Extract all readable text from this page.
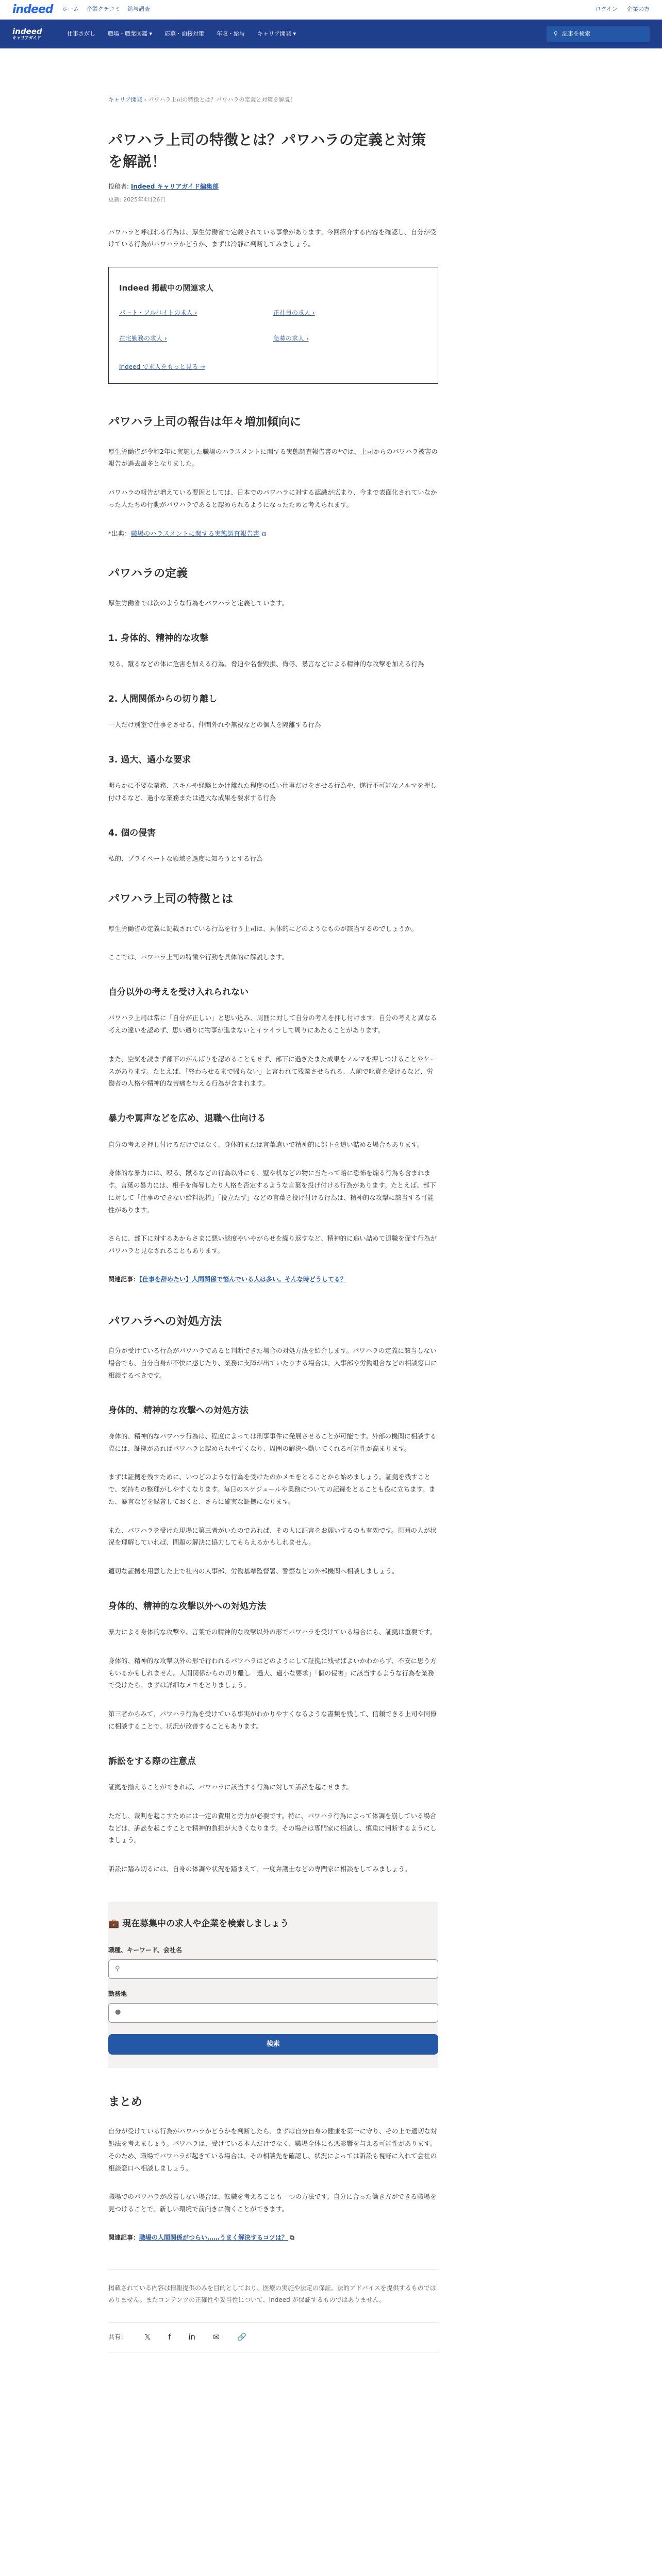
indeed ホーム 企業クチコミ 給与調査	ログイン 企業の方
indeed
キャリアガイド
仕事さがし 職場・職業図鑑 ▾ 応募・面接対策 年収・給与 キャリア開発 ▾	⚲ 記事を検索
キャリア開発 › パワハラ上司の特徴とは？パワハラの定義と対策を解説！
パワハラ上司の特徴とは？パワハラの定義と対策を解説！
投稿者: Indeed キャリアガイド編集部
更新: 2025年4月26日

パワハラと呼ばれる行為は、厚生労働省で定義されている事象があります。今回紹介する内容を確認し、自分が受けている行為がパワハラかどうか、まずは冷静に判断してみましょう。

Indeed 掲載中の関連求人
パート・アルバイトの求人 ›	正社員の求人 ›
在宅勤務の求人 ›	急募の求人 ›
Indeed で求人をもっと見る →
パワハラ上司の報告は年々増加傾向に

厚生労働省が令和2年に実施した職場のハラスメントに関する実態調査報告書の*では、上司からのパワハラ被害の報告が過去最多となりました。

パワハラの報告が増えている要因としては、日本でのパワハラに対する認識が広まり、今まで表面化されていなかった人たちの行動がパワハラであると認められるようになったためと考えられます。

*出典：職場のハラスメントに関する実態調査報告書 ⧉

パワハラの定義

厚生労働省では次のような行為をパワハラと定義しています。

1. 身体的、精神的な攻撃

殴る、蹴るなどの体に危害を加える行為、脅迫や名誉毀損、侮辱、暴言などによる精神的な攻撃を加える行為

2. 人間関係からの切り離し

一人だけ別室で仕事をさせる、仲間外れや無視などの個人を隔離する行為

3. 過大、過小な要求

明らかに不要な業務、スキルや経験とかけ離れた程度の低い仕事だけをさせる行為や、遂行不可能なノルマを押し付けるなど、過小な業務または過大な成果を要求する行為

4. 個の侵害

私的、プライベートな領域を過度に知ろうとする行為

パワハラ上司の特徴とは

厚生労働省の定義に記載されている行為を行う上司は、具体的にどのようなものが該当するのでしょうか。

ここでは、パワハラ上司の特徴や行動を具体的に解説します。

自分以外の考えを受け入れられない

パワハラ上司は常に「自分が正しい」と思い込み、周囲に対して自分の考えを押し付けます。自分の考えと異なる考えの違いを認めず、思い通りに物事が進まないとイライラして周りにあたることがあります。

また、空気を読まず部下のがんばりを認めることもせず、部下に過ぎたまた成果をノルマを押しつけることやケースがあります。たとえば、「終わらせるまで帰らない」と言われて残業させられる、人前で叱責を受けるなど、労働者の人格や精神的な苦痛を与える行為が含まれます。

暴力や罵声などを広め、退職へ仕向ける

自分の考えを押し付けるだけではなく、身体的または言葉遣いで精神的に部下を追い詰める場合もあります。

身体的な暴力には、殴る、蹴るなどの行為以外にも、壁や机などの物に当たって暗に恐怖を煽る行為も含まれます。言葉の暴力には、相手を侮辱したり人格を否定するような言葉を投げ付ける行為があります。たとえば、部下に対して「仕事のできない給料泥棒」「役立たず」などの言葉を投げ付ける行為は、精神的な攻撃に該当する可能性があります。

さらに、部下に対するあからさまに悪い態度やいやがらせを繰り返すなど、精神的に追い詰めて退職を促す行為がパワハラと見なされることもあります。

関連記事：【仕事を辞めたい】人間関係で悩んでいる人は多い。そんな時どうしてる？
パワハラへの対処方法

自分が受けている行為がパワハラであると判断できた場合の対処方法を紹介します。パワハラの定義に該当しない場合でも、自分自身が不快に感じたり、業務に支障が出ていたりする場合は、人事部や労働組合などの相談窓口に相談するべきです。

身体的、精神的な攻撃への対処方法

身体的、精神的なパワハラ行為は、程度によっては刑事事件に発展させることが可能です。外部の機関に相談する際には、証拠があればパワハラと認められやすくなり、周囲の解決へ動いてくれる可能性が高まります。

まずは証拠を残すために、いつどのような行為を受けたのかメモをとることから始めましょう。証拠を残すことで、気持ちの整理がしやすくなります。毎日のスケジュールや業務についての記録をとることも役に立ちます。また、暴言などを録音しておくと、さらに確実な証拠になります。

また、パワハラを受けた現場に第三者がいたのであれば、その人に証言をお願いするのも有効です。周囲の人が状況を理解していれば、問題の解決に協力してもらえるかもしれません。

適切な証拠を用意した上で社内の人事部、労働基準監督署、警察などの外部機関へ相談しましょう。

身体的、精神的な攻撃以外への対処方法

暴力による身体的な攻撃や、言葉での精神的な攻撃以外の形でパワハラを受けている場合にも、証拠は重要です。

身体的、精神的な攻撃以外の形で行われるパワハラはどのようにして証拠に残せばよいかわからず、不安に思う方もいるかもしれません。人間関係からの切り離し「過大、過小な要求」「個の侵害」に該当するような行為を業務で受けたら、まずは詳細なメモをとりましょう。

第三者からみて、パワハラ行為を受けている事実がわかりやすくなるような書類を残して、信頼できる上司や同僚に相談することで、状況が改善することもあります。

訴訟をする際の注意点

証拠を揃えることができれば、パワハラに該当する行為に対して訴訟を起こせます。

ただし、裁判を起こすためには一定の費用と労力が必要です。特に、パワハラ行為によって体調を崩している場合などは、訴訟を起こすことで精神的負担が大きくなります。その場合は専門家に相談し、慎重に判断するようにしましょう。

訴訟に踏み切るには、自身の体調や状況を踏まえて、一度弁護士などの専門家に相談をしてみましょう。

💼 現在募集中の求人や企業を検索しましょう
職種、キーワード、会社名
⚲
勤務地
●
検索
まとめ

自分が受けている行為がパワハラかどうかを判断したら、まずは自分自身の健康を第一に守り、その上で適切な対処法を考えましょう。パワハラは、受けている本人だけでなく、職場全体にも悪影響を与える可能性があります。そのため、職場でパワハラが起きている場合は、その相談先を確認し、状況によっては訴訟も視野に入れて会社の相談窓口へ相談しましょう。

職場でのパワハラが改善しない場合は、転職を考えることも一つの方法です。自分に合った働き方ができる職場を見つけることで、新しい環境で前向きに働くことができます。

関連記事：職場の人間関係がつらい……うまく解決するコツは？ ⧉

掲載されている内容は情報提供のみを目的としており、医療の実施や法定の保証、法的アドバイスを提供するものではありません。またコンテンツの正確性や妥当性について、Indeed が保証するものではありません。

共有： 𝕏 f in ✉ 🔗
